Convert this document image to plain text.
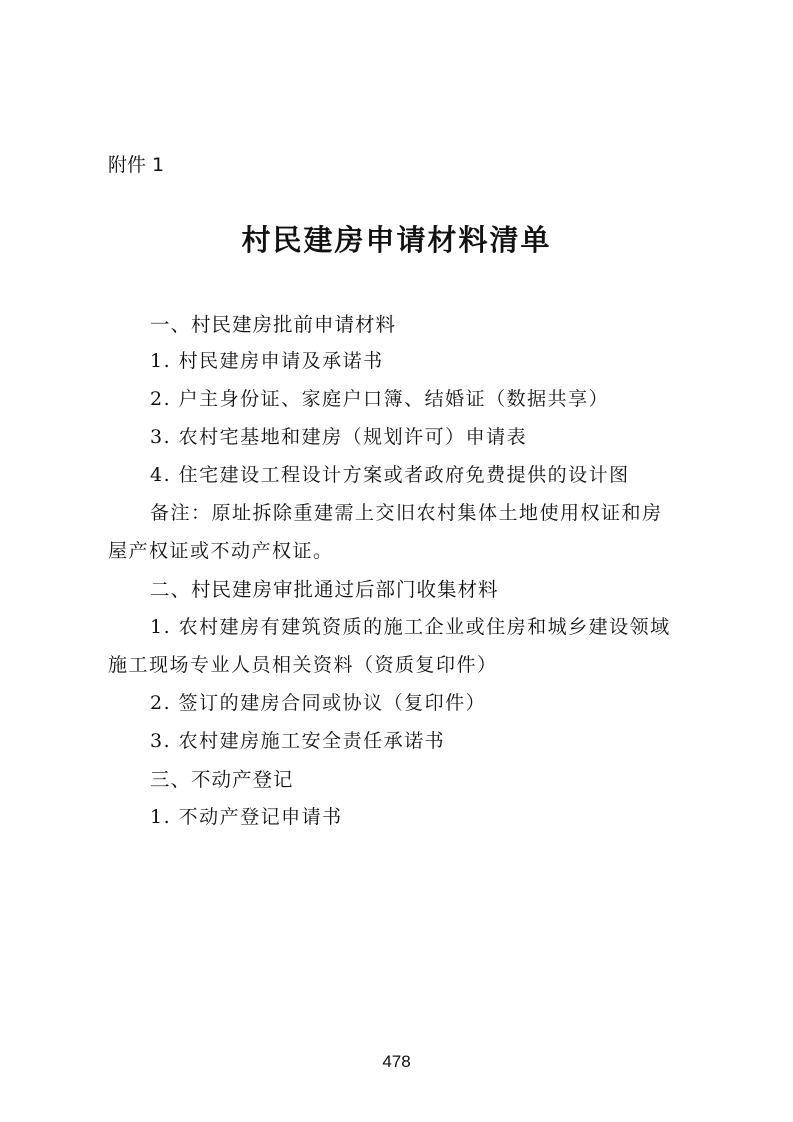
附件 1
村民建房申请材料清单
一、村民建房批前申请材料
1. 村民建房申请及承诺书
2. 户主身份证、家庭户口簿、结婚证（数据共享）
3. 农村宅基地和建房（规划许可）申请表
4. 住宅建设工程设计方案或者政府免费提供的设计图
备注：原址拆除重建需上交旧农村集体土地使用权证和房
屋产权证或不动产权证。
二、村民建房审批通过后部门收集材料
1. 农村建房有建筑资质的施工企业或住房和城乡建设领域
施工现场专业人员相关资料（资质复印件）
2. 签订的建房合同或协议（复印件）
3. 农村建房施工安全责任承诺书
三、不动产登记
1. 不动产登记申请书
478
